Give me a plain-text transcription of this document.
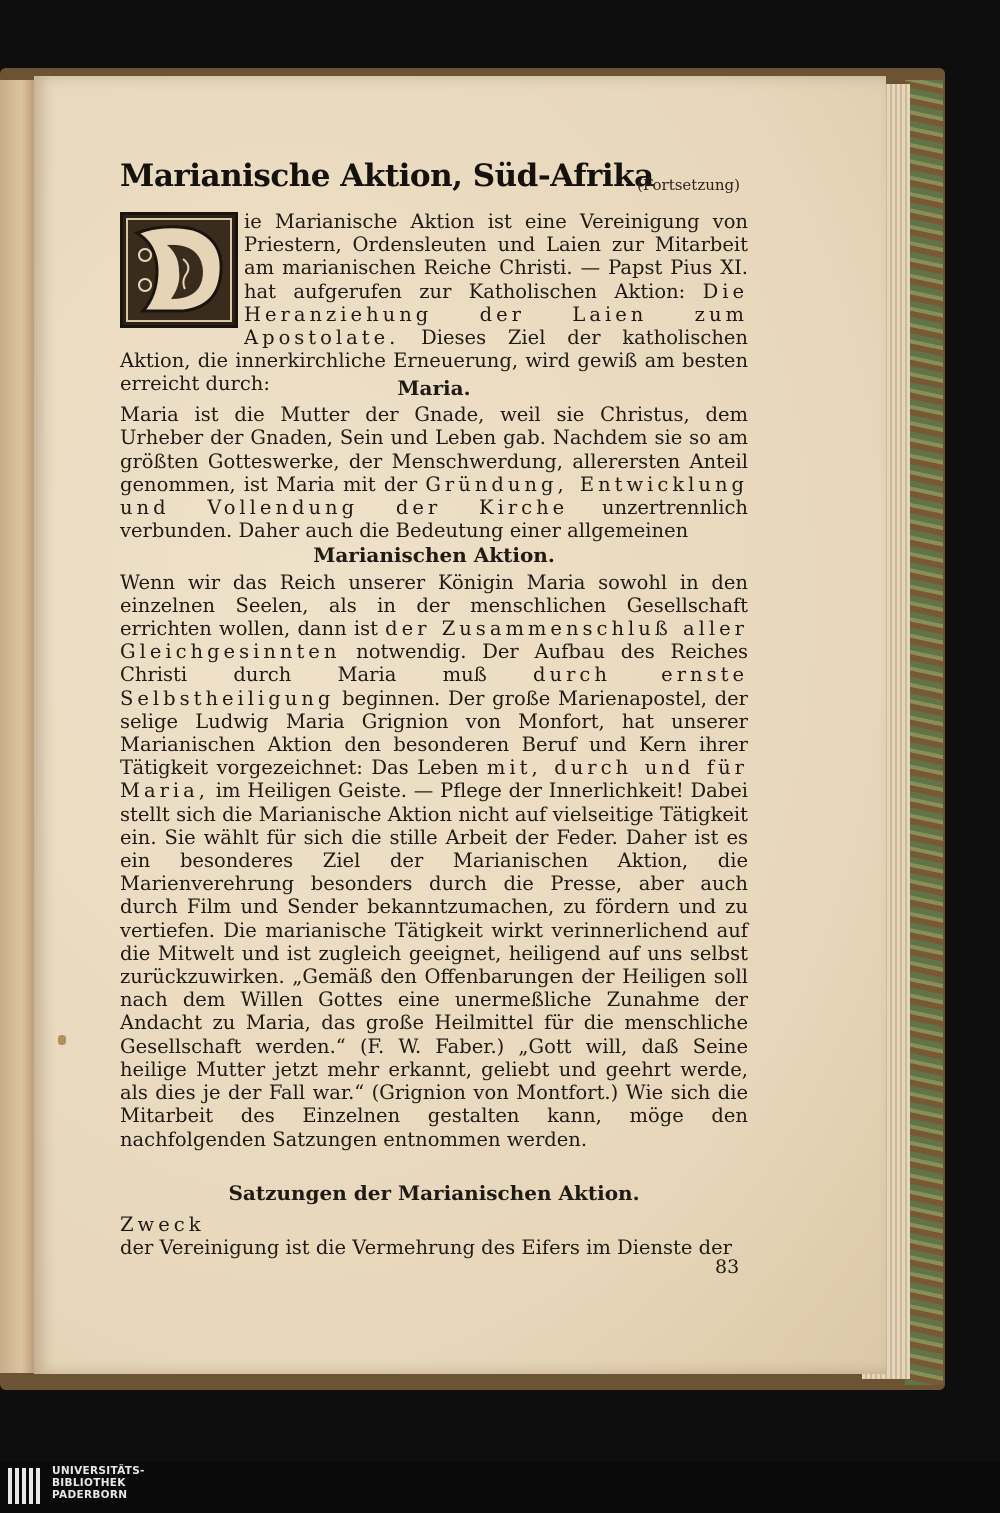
Marianische Aktion, Süd-Afrika
(Fortsetzung)

ie Marianische Aktion ist eine Vereinigung von Priestern, Ordensleuten und Laien zur Mitarbeit am marianischen Reiche Christi. — Papst Pius XI. hat aufgerufen zur Katholischen Aktion: Die Heranziehung der Laien zum Apostolate. Dieses Ziel der katholischen Aktion, die innerkirchliche Erneuerung, wird gewiß am besten erreicht durch:	Maria.

Maria ist die Mutter der Gnade, weil sie Christus, dem Urheber der Gnaden, Sein und Leben gab. Nachdem sie so am größten Gotteswerke, der Menschwerdung, allerersten Anteil genommen, ist Maria mit der Gründung, Entwicklung und Vollendung der Kirche unzertrennlich verbunden. Daher auch die Bedeutung einer allgemeinen

Marianischen Aktion.

Wenn wir das Reich unserer Königin Maria sowohl in den einzelnen Seelen, als in der menschlichen Gesellschaft errichten wollen, dann ist der Zusammenschluß aller Gleichgesinnten notwendig. Der Aufbau des Reiches Christi durch Maria muß durch ernste Selbstheiligung beginnen. Der große Marienapostel, der selige Ludwig Maria Grignion von Monfort, hat unserer Marianischen Aktion den besonderen Beruf und Kern ihrer Tätigkeit vorgezeichnet: Das Leben mit, durch und für Maria, im Heiligen Geiste. — Pflege der Innerlichkeit! Dabei stellt sich die Marianische Aktion nicht auf vielseitige Tätigkeit ein. Sie wählt für sich die stille Arbeit der Feder. Daher ist es ein besonderes Ziel der Marianischen Aktion, die Marienverehrung besonders durch die Presse, aber auch durch Film und Sender bekanntzumachen, zu fördern und zu vertiefen. Die marianische Tätigkeit wirkt verinnerlichend auf die Mitwelt und ist zugleich geeignet, heiligend auf uns selbst zurückzuwirken. „Gemäß den Offenbarungen der Heiligen soll nach dem Willen Gottes eine unermeßliche Zunahme der Andacht zu Maria, das große Heilmittel für die menschliche Gesellschaft werden.“ (F. W. Faber.) „Gott will, daß Seine heilige Mutter jetzt mehr erkannt, geliebt und geehrt werde, als dies je der Fall war.“ (Grignion von Montfort.) Wie sich die Mitarbeit des Einzelnen gestalten kann, möge den nachfolgenden Satzungen entnommen werden.

Satzungen der Marianischen Aktion.
Zweck

der Vereinigung ist die Vermehrung des Eifers im Dienste der

83
UNIVERSITÄTS-
BIBLIOTHEK
PADERBORN
